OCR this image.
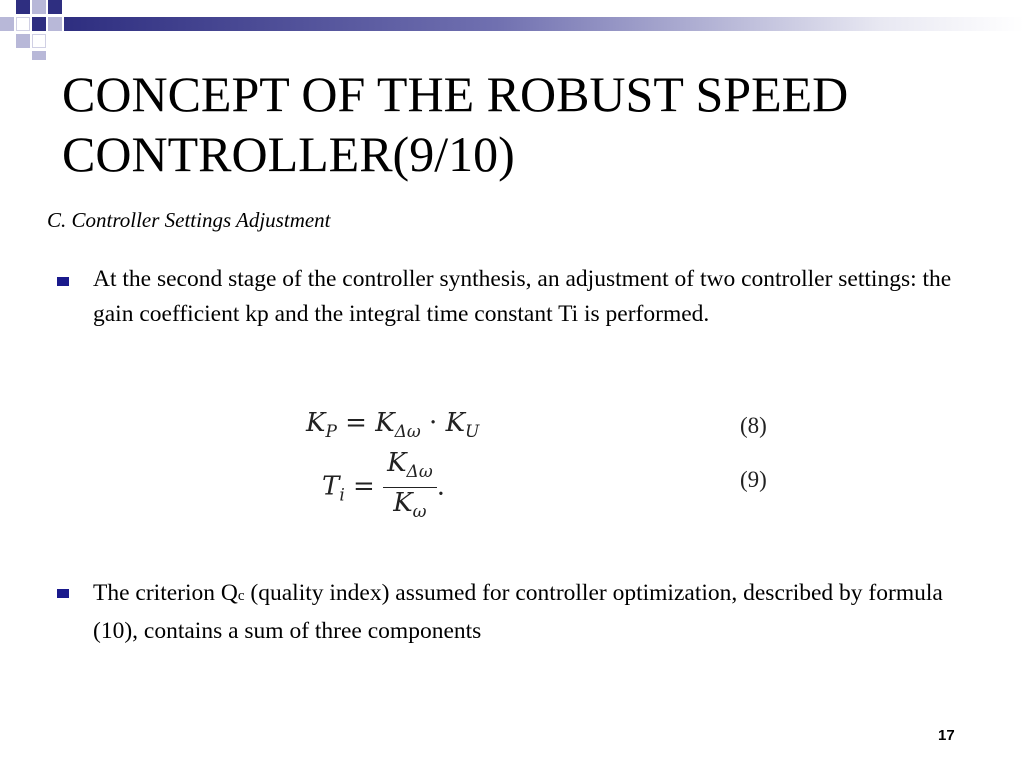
CONCEPT OF THE ROBUST SPEED CONTROLLER(9/10)
C. Controller Settings Adjustment
At the second stage of the controller synthesis, an adjustment of two controller settings: the gain coefficient kp and the integral time constant Ti is performed.
$K_P = K_{\Delta\omega} \cdot K_U$	(8)
$T_i = \frac{K_{\Delta\omega}}{K_\omega}$ .	(9)
The criterion Qc (quality index) assumed for controller optimization, described by formula (10), contains a sum of three components
17
